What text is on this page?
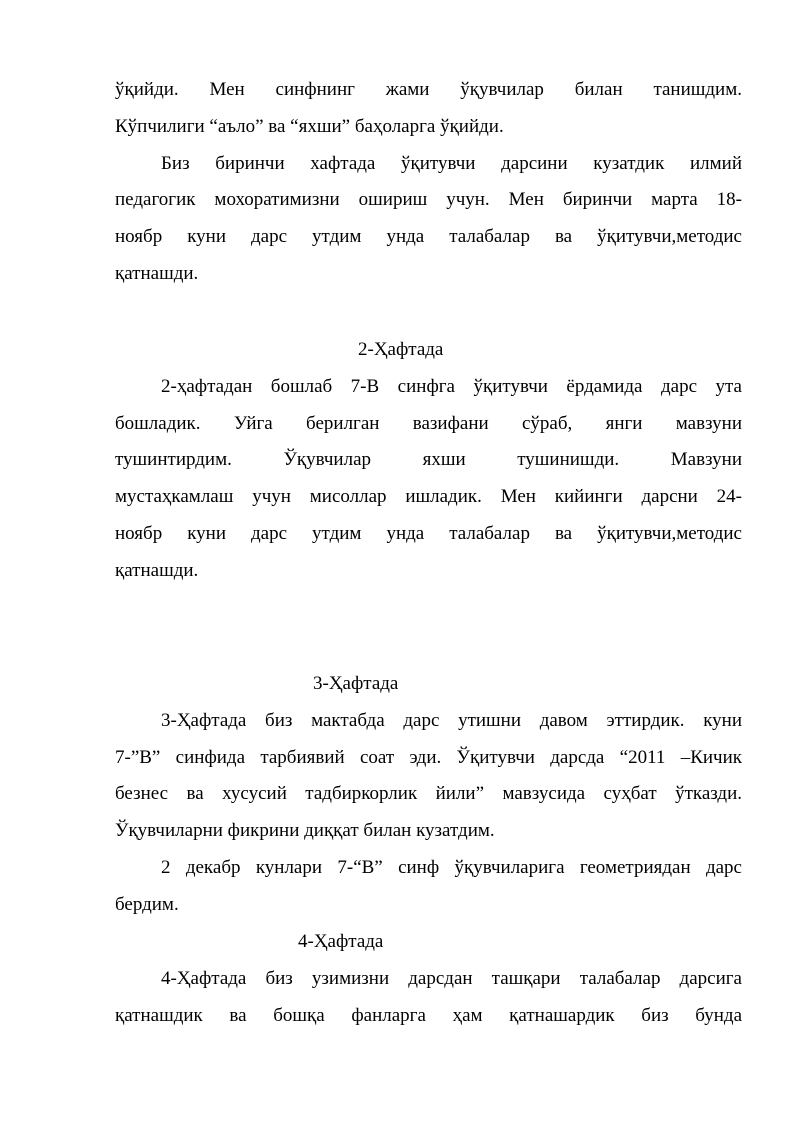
ўқийди. Мен синфнинг жами ўқувчилар билан танишдим.
Кўпчилиги “аъло” ва “яхши” баҳоларга ўқийди.
Биз биринчи хафтада ўқитувчи дарсини кузатдик илмий
педагогик мохоратимизни ошириш учун. Мен биринчи марта 18-
ноябр куни дарс утдим унда талабалар ва ўқитувчи,методис
қатнашди.
2-Ҳафтада
2-ҳафтадан бошлаб 7-В синфга ўқитувчи ёрдамида дарс ута
бошладик. Уйга берилган вазифани сўраб, янги мавзуни
тушинтирдим. Ўқувчилар яхши тушинишди. Мавзуни
мустаҳкамлаш учун мисоллар ишладик. Мен кийинги дарсни 24-
ноябр куни дарс утдим унда талабалар ва ўқитувчи,методис
қатнашди.
3-Ҳафтада
3-Ҳафтада биз мактабда дарс утишни давом эттирдик. куни
7-”В” синфида тарбиявий соат эди. Ўқитувчи дарсда “2011 –Кичик
безнес ва хусусий тадбиркорлик йили” мавзусида суҳбат ўтказди.
Ўқувчиларни фикрини диққат билан кузатдим.
2 декабр кунлари 7-“В” синф ўқувчиларига геометриядан дарс
бердим.
4-Ҳафтада
4-Ҳафтада биз узимизни дарсдан ташқари талабалар дарсига
қатнашдик ва бошқа фанларга ҳам қатнашардик биз бунда
